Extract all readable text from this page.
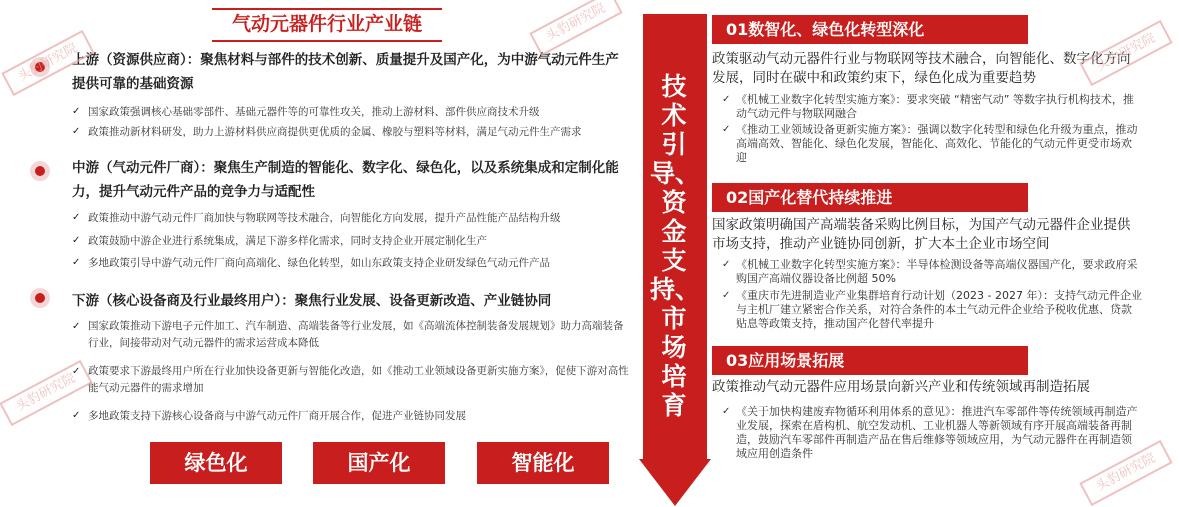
气动元器件行业产业链
上游（资源供应商）：聚焦材料与部件的技术创新、质量提升及国产化，为中游气动元件生产提供可靠的基础资源
✓ 国家政策强调核心基础零部件、基础元器件等的可靠性攻关，推动上游材料、部件供应商技术升级
✓ 政策推动新材料研发，助力上游材料供应商提供更优质的金属、橡胶与塑料等材料，满足气动元件生产需求
中游（气动元件厂商）：聚焦生产制造的智能化、数字化、绿色化，以及系统集成和定制化能力，提升气动元件产品的竞争力与适配性
✓ 政策推动中游气动元件厂商加快与物联网等技术融合，向智能化方向发展，提升产品性能产品结构升级
✓ 政策鼓励中游企业进行系统集成，满足下游多样化需求，同时支持企业开展定制化生产
✓ 多地政策引导中游气动元件厂商向高端化、绿色化转型，如山东政策支持企业研发绿色气动元件产品
下游（核心设备商及行业最终用户）：聚焦行业发展、设备更新改造、产业链协同
✓ 国家政策推动下游电子元件加工、汽车制造、高端装备等行业发展，如《高端流体控制装备发展规划》助力高端装备行业，间接带动对气动元器件的需求运营成本降低
✓ 政策要求下游最终用户所在行业加快设备更新与智能化改造，如《推动工业领域设备更新实施方案》，促使下游对高性能气动元器件的需求增加
✓ 多地政策支持下游核心设备商与中游气动元件厂商开展合作，促进产业链协同发展
绿色化	国产化	智能化
技术引导、资金支持、市场培育
01数智化、绿色化转型深化
政策驱动气动元器件行业与物联网等技术融合，向智能化、数字化方向发展，同时在碳中和政策约束下，绿色化成为重要趋势
✓ 《机械工业数字化转型实施方案》：要求突破 “精密气动” 等数字执行机构技术，推动气动元件与物联网融合
✓ 《推动工业领域设备更新实施方案》：强调以数字化转型和绿色化升级为重点，推动高端高效、智能化、绿色化发展，智能化、高效化、节能化的气动元件更受市场欢迎
02国产化替代持续推进
国家政策明确国产高端装备采购比例目标，为国产气动元器件企业提供市场支持，推动产业链协同创新，扩大本土企业市场空间
✓ 《机械工业数字化转型实施方案》：半导体检测设备等高端仪器国产化，要求政府采购国产高端仪器设备比例超 50%
✓ 《重庆市先进制造业产业集群培育行动计划（2023 - 2027 年）：支持气动元件企业与主机厂建立紧密合作关系，对符合条件的本土气动元件企业给予税收优惠、贷款贴息等政策支持，推动国产化替代率提升
03应用场景拓展
政策推动气动元器件应用场景向新兴产业和传统领域再制造拓展
✓ 《关于加快构建废弃物循环利用体系的意见》：推进汽车零部件等传统领域再制造产业发展，探索在盾构机、航空发动机、工业机器人等新领域有序开展高端装备再制造，鼓励汽车零部件再制造产品在售后维修等领域应用，为气动元器件在再制造领域应用创造条件
头豹研究院
头豹研究院
头豹研究院
头豹研究院
头豹研究院
